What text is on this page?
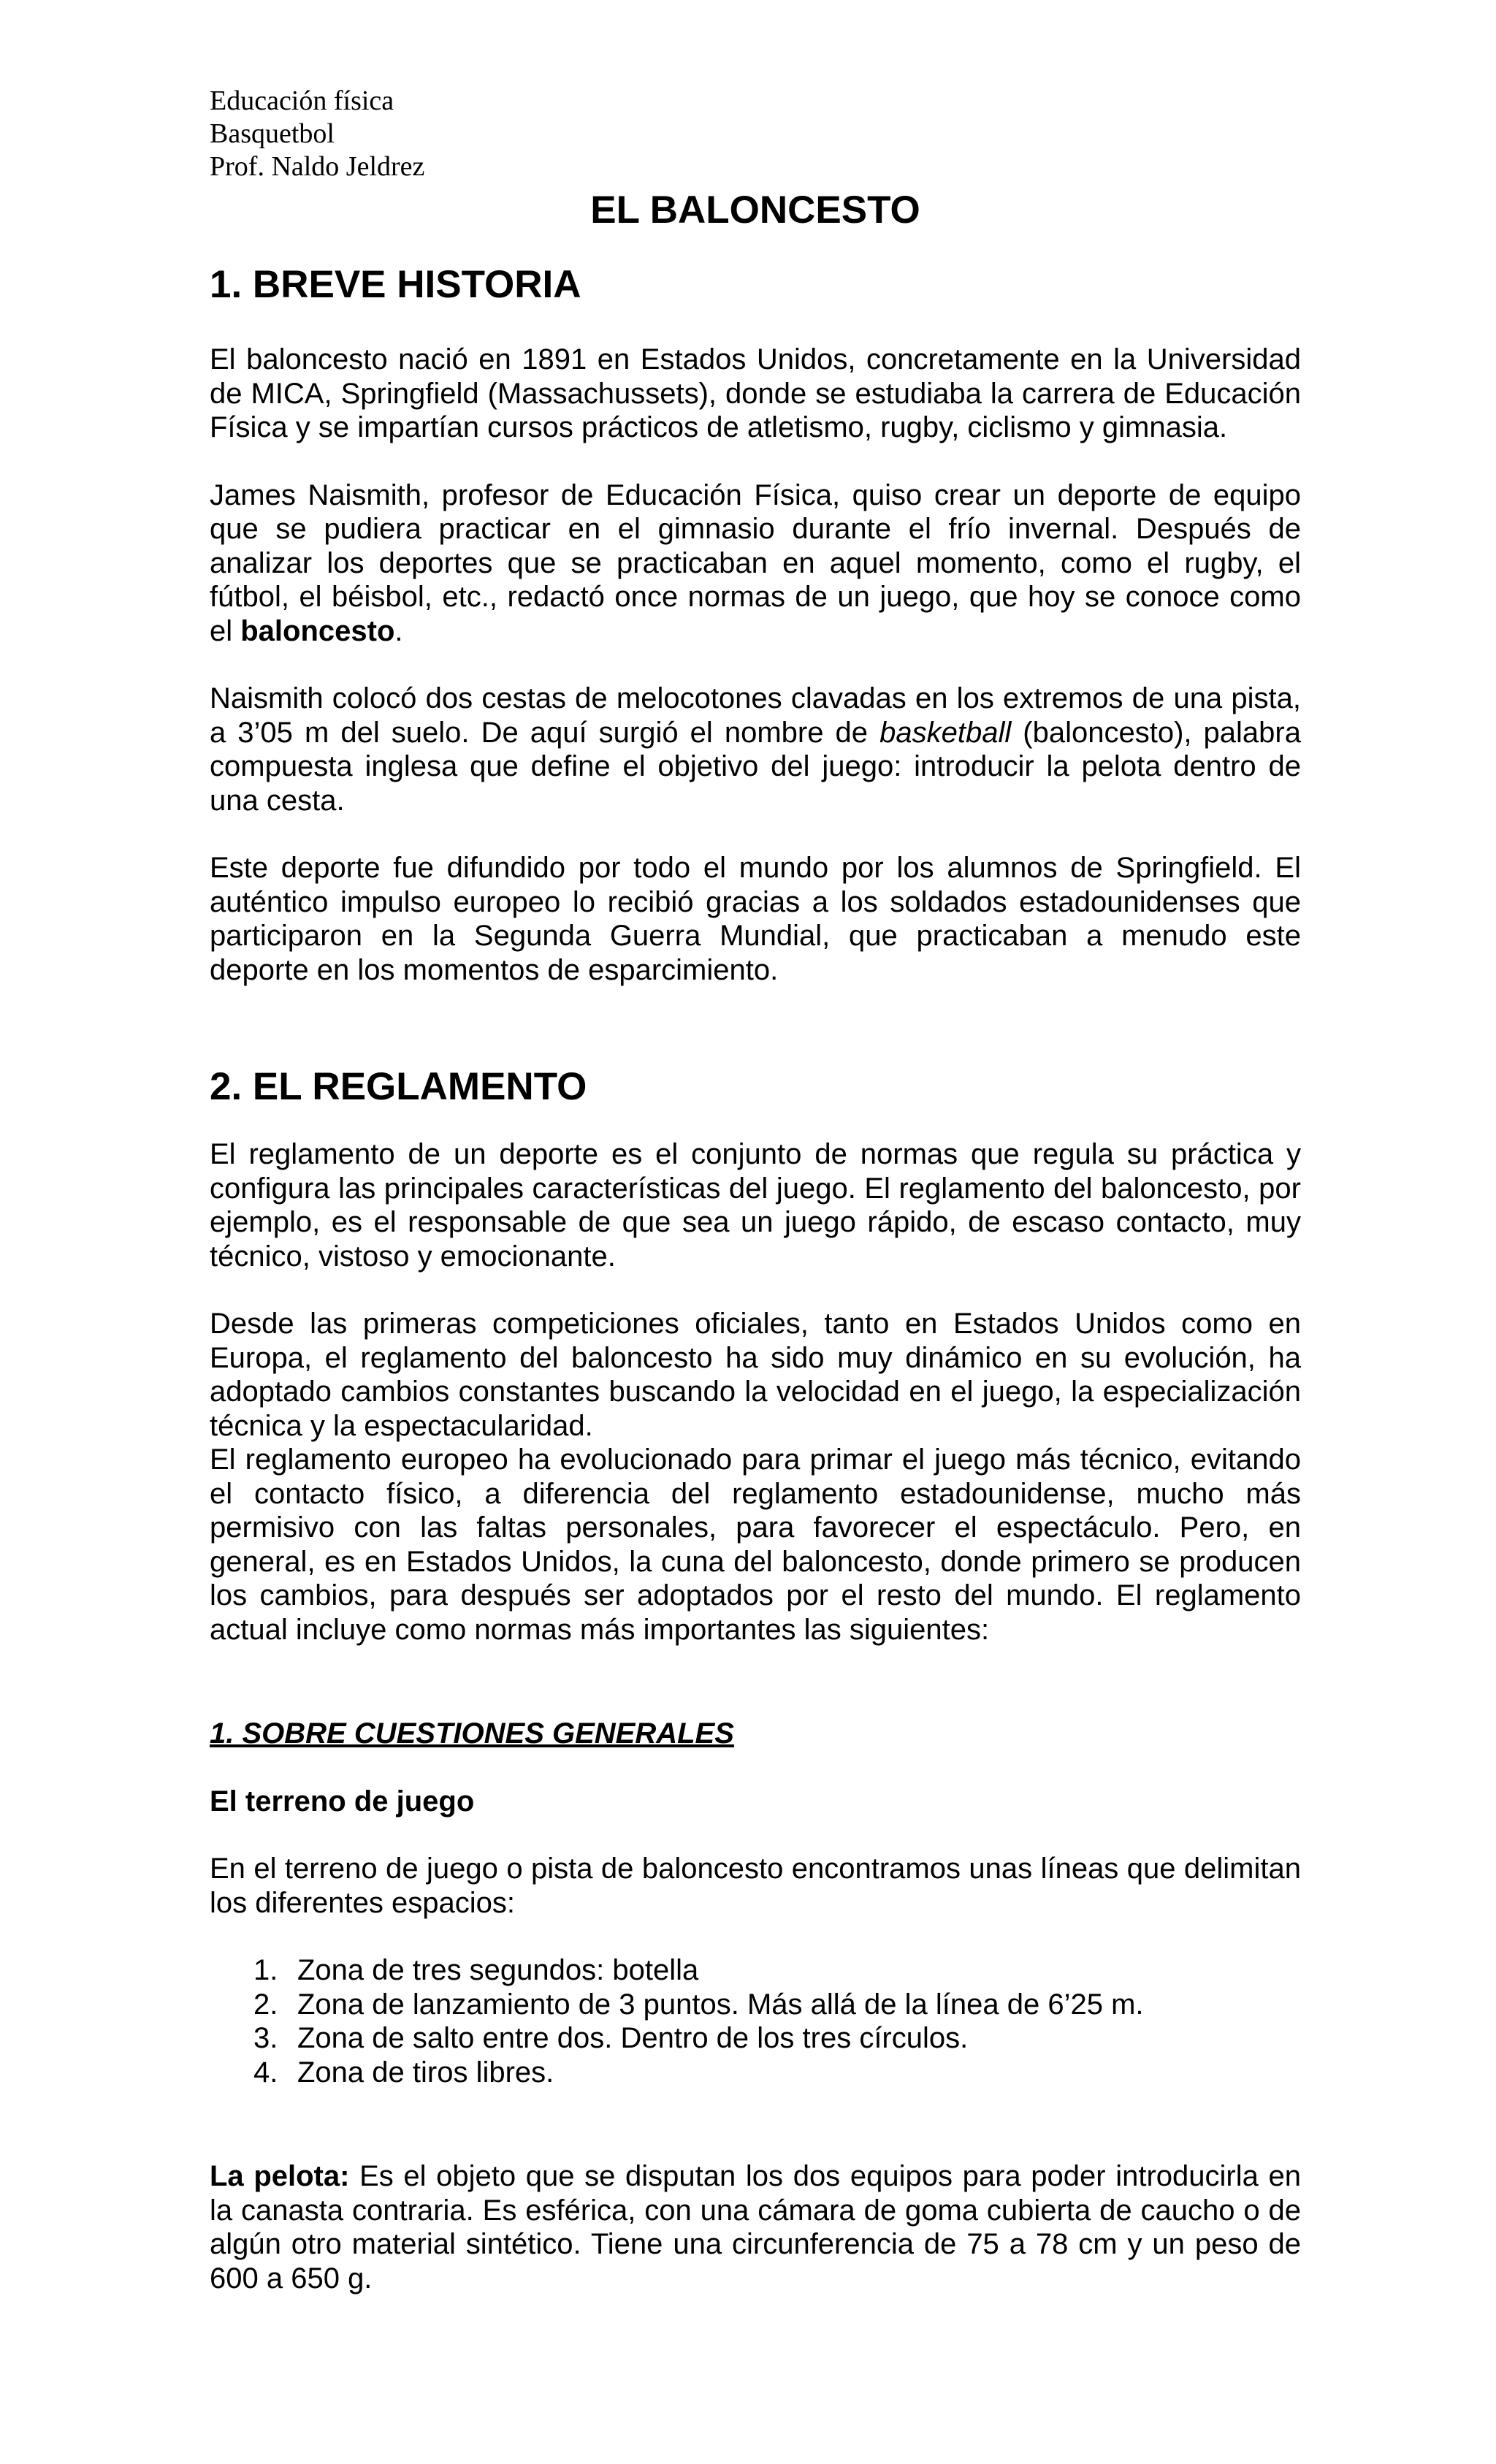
Educación física
Basquetbol
Prof. Naldo Jeldrez
EL BALONCESTO
1. BREVE HISTORIA

El baloncesto nació en 1891 en Estados Unidos, concretamente en la Universidad de MICA, Springfield (Massachussets), donde se estudiaba la carrera de Educación Física y se impartían cursos prácticos de atletismo, rugby, ciclismo y gimnasia.

James Naismith, profesor de Educación Física, quiso crear un deporte de equipo que se pudiera practicar en el gimnasio durante el frío invernal. Después de analizar los deportes que se practicaban en aquel momento, como el rugby, el fútbol, el béisbol, etc., redactó once normas de un juego, que hoy se conoce como el baloncesto.

Naismith colocó dos cestas de melocotones clavadas en los extremos de una pista, a 3’05 m del suelo. De aquí surgió el nombre de basketball (baloncesto), palabra compuesta inglesa que define el objetivo del juego: introducir la pelota dentro de una cesta.

Este deporte fue difundido por todo el mundo por los alumnos de Springfield. El auténtico impulso europeo lo recibió gracias a los soldados estadounidenses que participaron en la Segunda Guerra Mundial, que practicaban a menudo este deporte en los momentos de esparcimiento.

2. EL REGLAMENTO

El reglamento de un deporte es el conjunto de normas que regula su práctica y configura las principales características del juego. El reglamento del baloncesto, por ejemplo, es el responsable de que sea un juego rápido, de escaso contacto, muy técnico, vistoso y emocionante.

Desde las primeras competiciones oficiales, tanto en Estados Unidos como en Europa, el reglamento del baloncesto ha sido muy dinámico en su evolución, ha adoptado cambios constantes buscando la velocidad en el juego, la especialización técnica y la espectacularidad.

El reglamento europeo ha evolucionado para primar el juego más técnico, evitando el contacto físico, a diferencia del reglamento estadounidense, mucho más permisivo con las faltas personales, para favorecer el espectáculo. Pero, en general, es en Estados Unidos, la cuna del baloncesto, donde primero se producen los cambios, para después ser adoptados por el resto del mundo. El reglamento actual incluye como normas más importantes las siguientes:

1. SOBRE CUESTIONES GENERALES
El terreno de juego

En el terreno de juego o pista de baloncesto encontramos unas líneas que delimitan los diferentes espacios:

1. Zona de tres segundos: botella
2. Zona de lanzamiento de 3 puntos. Más allá de la línea de 6’25 m.
3. Zona de salto entre dos. Dentro de los tres círculos.
4. Zona de tiros libres.

La pelota: Es el objeto que se disputan los dos equipos para poder introducirla en la canasta contraria. Es esférica, con una cámara de goma cubierta de caucho o de algún otro material sintético. Tiene una circunferencia de 75 a 78 cm y un peso de 600 a 650 g.
